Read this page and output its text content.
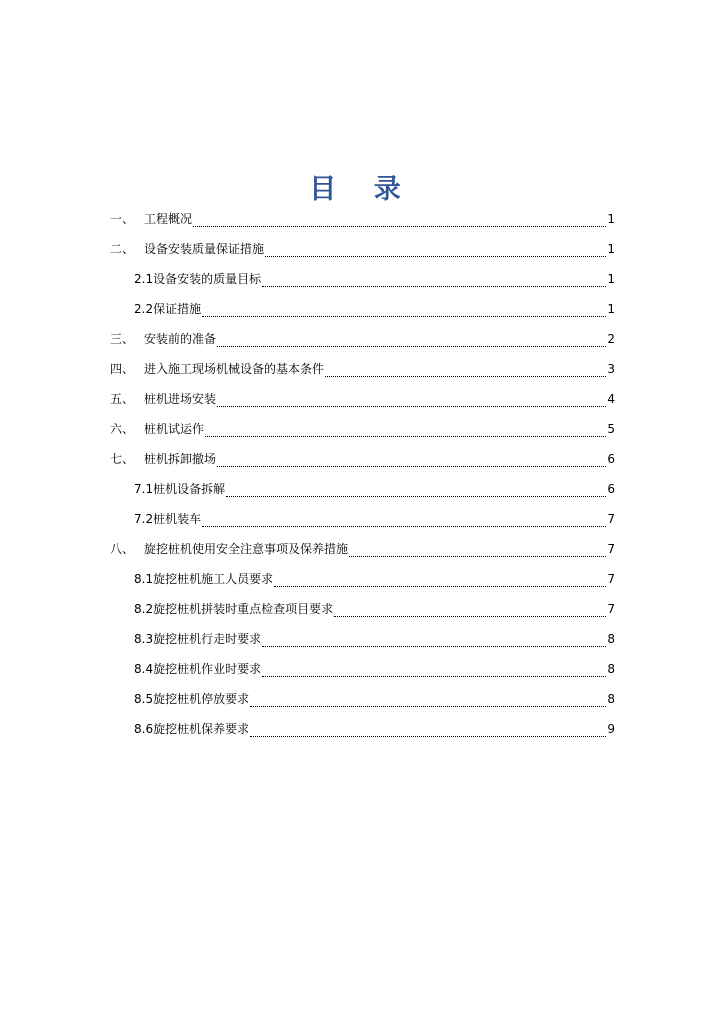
目 录
一、 工程概况	1
二、 设备安装质量保证措施	1
2.1 设备安装的质量目标	1
2.2 保证措施	1
三、 安装前的准备	2
四、 进入施工现场机械设备的基本条件	3
五、 桩机进场安装	4
六、 桩机试运作	5
七、 桩机拆卸撤场	6
7.1 桩机设备拆解	6
7.2 桩机装车	7
八、 旋挖桩机使用安全注意事项及保养措施	7
8.1 旋挖桩机施工人员要求	7
8.2 旋挖桩机拼装时重点检查项目要求	7
8.3 旋挖桩机行走时要求	8
8.4 旋挖桩机作业时要求	8
8.5 旋挖桩机停放要求	8
8.6 旋挖桩机保养要求	9
